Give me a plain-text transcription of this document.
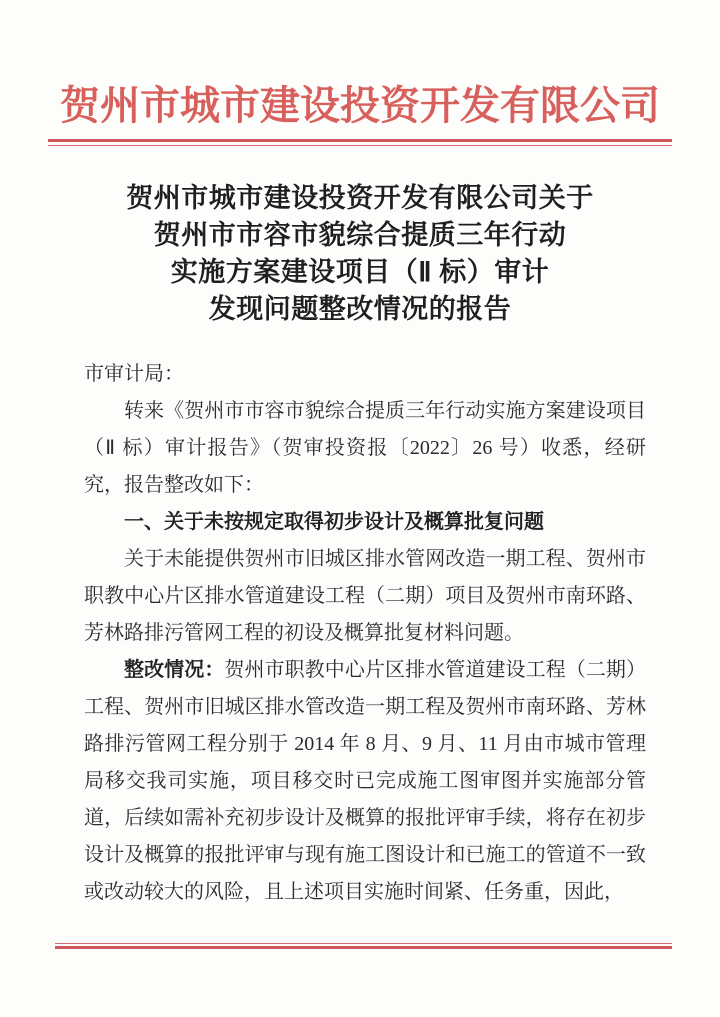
贺州市城市建设投资开发有限公司
贺州市城市建设投资开发有限公司关于
贺州市市容市貌综合提质三年行动
实施方案建设项目（Ⅱ 标）审计
发现问题整改情况的报告

市审计局：

转来《贺州市市容市貌综合提质三年行动实施方案建设项目（Ⅱ 标）审计报告》（贺审投资报〔2022〕26 号）收悉，经研究，报告整改如下：

一、关于未按规定取得初步设计及概算批复问题

关于未能提供贺州市旧城区排水管网改造一期工程、贺州市职教中心片区排水管道建设工程（二期）项目及贺州市南环路、芳林路排污管网工程的初设及概算批复材料问题。

整改情况：贺州市职教中心片区排水管道建设工程（二期）工程、贺州市旧城区排水管改造一期工程及贺州市南环路、芳林路排污管网工程分别于 2014 年 8 月、9 月、11 月由市城市管理局移交我司实施，项目移交时已完成施工图审图并实施部分管道，后续如需补充初步设计及概算的报批评审手续，将存在初步设计及概算的报批评审与现有施工图设计和已施工的管道不一致或改动较大的风险，且上述项目实施时间紧、任务重，因此，
